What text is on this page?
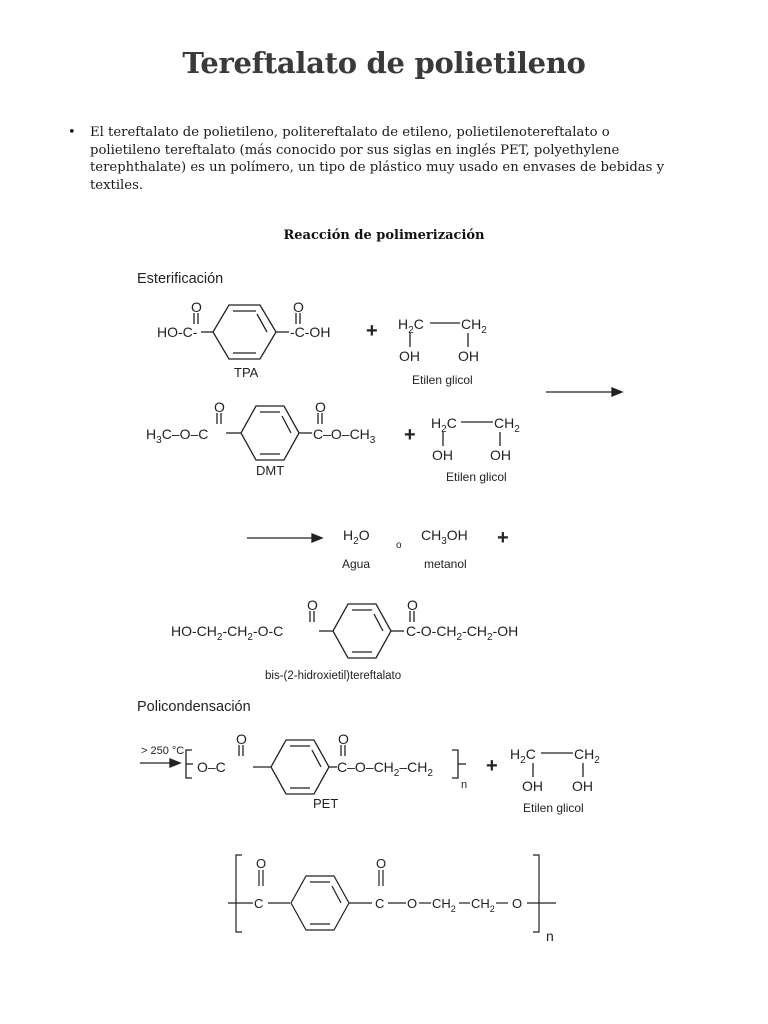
Tereftalato de polietileno
• El tereftalato de polietileno, politereftalato de etileno, polietilenotereftalato o
polietileno tereftalato (más conocido por sus siglas en inglés PET, polyethylene
terephthalate) es un polímero, un tipo de plástico muy usado en envases de bebidas y
textiles.
Reacción de polimerización
Esterificación
O	O
HO-C-	-C-OH
TPA
+ $H_2C$	$CH_2$
OH	OH
Etilen glicol
O	O
$H_3C-O-C$	$C-O-CH_3$
DMT
+
$H_2C$	$CH_2$
OH	OH
Etilen glicol
$H_2O$
o
$CH_3OH$
Agua	metanol
+
O	O
$HO-CH_2-CH_2-O-C$	$C-O-CH_2-CH_2-OH$
bis-(2-hidroxietil)tereftalato
Policondensación
> 250 °C
O	O
O–C	$C-O-CH_2-CH_2$
n
PET
+
$H_2C$	$CH_2$
OH OH
Etilen glicol
O	O
C	C O $CH_2$ $CH_2$ O
n
